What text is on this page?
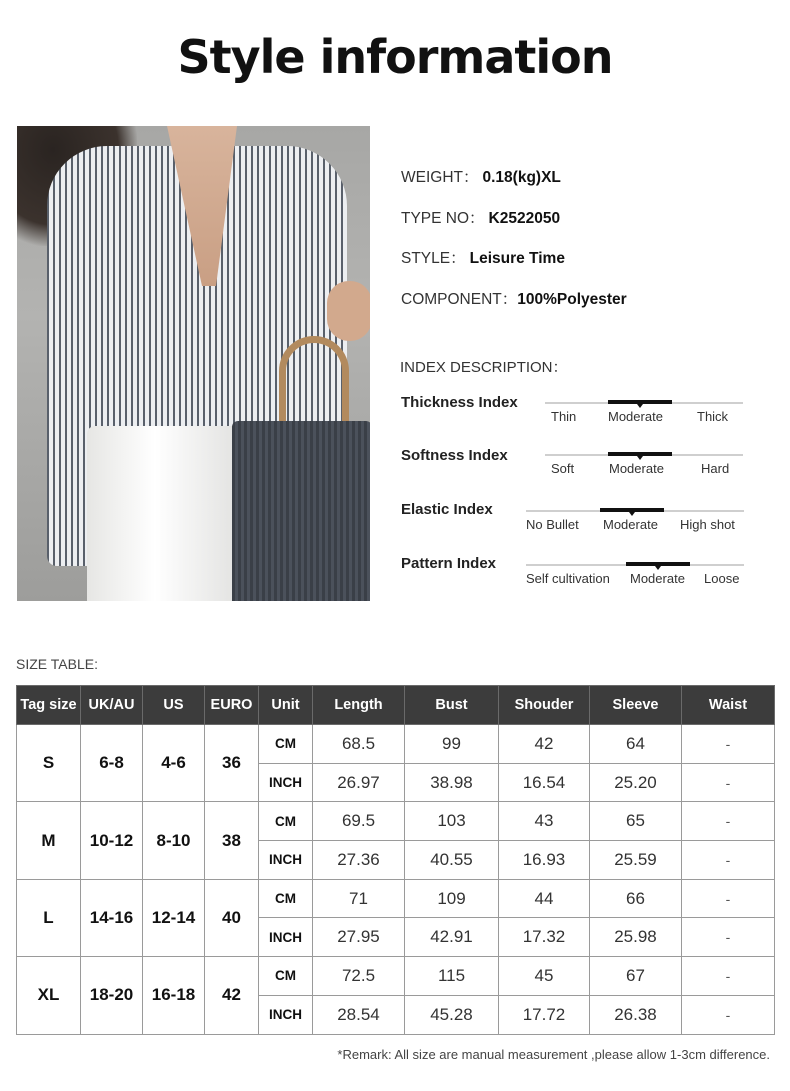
Style information
WEIGHT： 0.18(kg)XL
TYPE NO： K2522050
STYLE： Leisure Time
COMPONENT：100%Polyester
INDEX DESCRIPTION：
Thickness Index
Thin Moderate	Thick
Softness Index
Soft	Moderate	Hard
Elastic Index
No Bullet Moderate High shot
Pattern Index
Self cultivation Moderate Loose
SIZE TABLE:
Tag size	UK/AU	US	EURO	Unit	Length	Bust	Shouder	Sleeve	Waist
S	6-8	4-6	36	CM	68.5	99	42	64	-
				INCH	26.97	38.98	16.54	25.20	-
M	10-12	8-10	38	CM	69.5	103	43	65	-
				INCH	27.36	40.55	16.93	25.59	-
L	14-16	12-14	40	CM	71	109	44	66	-
				INCH	27.95	42.91	17.32	25.98	-
XL	18-20	16-18	42	CM	72.5	115	45	67	-
				INCH	28.54	45.28	17.72	26.38	-
*Remark: All size are manual measurement ,please allow 1-3cm difference.
